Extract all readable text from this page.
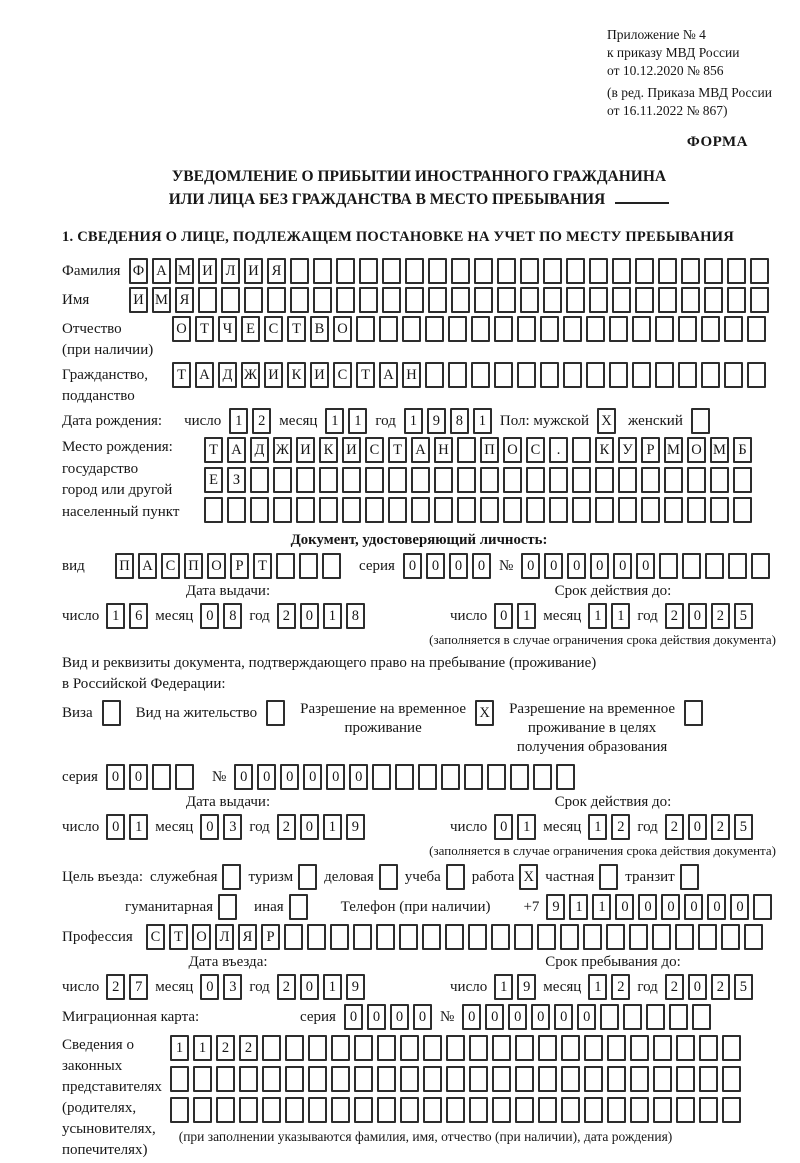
Приложение № 4
к приказу МВД России
от 10.12.2020 № 856
(в ред. Приказа МВД России
от 16.11.2022 № 867)
ФОРМА
УВЕДОМЛЕНИЕ О ПРИБЫТИИ ИНОСТРАННОГО ГРАЖДАНИНА
ИЛИ ЛИЦА БЕЗ ГРАЖДАНСТВА В МЕСТО ПРЕБЫВАНИЯ
1. СВЕДЕНИЯ О ЛИЦЕ, ПОДЛЕЖАЩЕМ ПОСТАНОВКЕ НА УЧЕТ ПО МЕСТУ ПРЕБЫВАНИЯ
Фамилия Ф А М И Л И Я
Имя	И М Я
Отчество	О Т Ч Е С Т В О
(при наличии)
Гражданство,	Т А Д Ж И К И С Т А Н
подданство
Дата рождения: число 1	2 месяц 1	1 год 1	9	8	1 Пол: мужской X женский
Место рождения:
государство
город или другой
населенный пункт
Т А Д Ж И К И С Т А Н П О С	.	К У Р М О М Б
Е	З
Документ, удостоверяющий личность:
вид	П А С П О Р	Т	серия 0	0	0	0 № 0	0	0	0	0	0
Дата выдачи:
число 1	6 месяц 0	8 год 2	0	1	8
Срок действия до:
число 0	1 месяц 1	1 год 2	0	2	5
(заполняется в случае ограничения срока действия документа)
Вид и реквизиты документа, подтверждающего право на пребывание (проживание)
в Российской Федерации:
Виза	Вид на жительство	Разрешение на временное
проживание
X Разрешение на временное
проживание в целях
получения образования
серия 0	0	№ 0	0	0	0	0	0
Дата выдачи:
число 0	1 месяц 0	3 год 2	0	1	9
Срок действия до:
число 0	1 месяц 1	2 год 2	0	2	5
(заполняется в случае ограничения срока действия документа)
Цель въезда: служебная туризм деловая учеба работа X частная транзит
гуманитарная	иная	Телефон (при наличии) +7 9	1	1	0	0	0	0	0	0
Профессия	С Т О Л Я Р
Дата въезда:
число 2	7 месяц 0	3 год 2	0	1	9
Срок пребывания до:
число 1	9 месяц 1	2 год 2	0	2	5
Миграционная карта:	серия 0	0	0	0 № 0	0	0	0	0	0
Сведения о
законных
представителях
(родителях,
усыновителях,
попечителях)
1	1	2	2
(при заполнении указываются фамилия, имя, отчество (при наличии), дата рождения)
